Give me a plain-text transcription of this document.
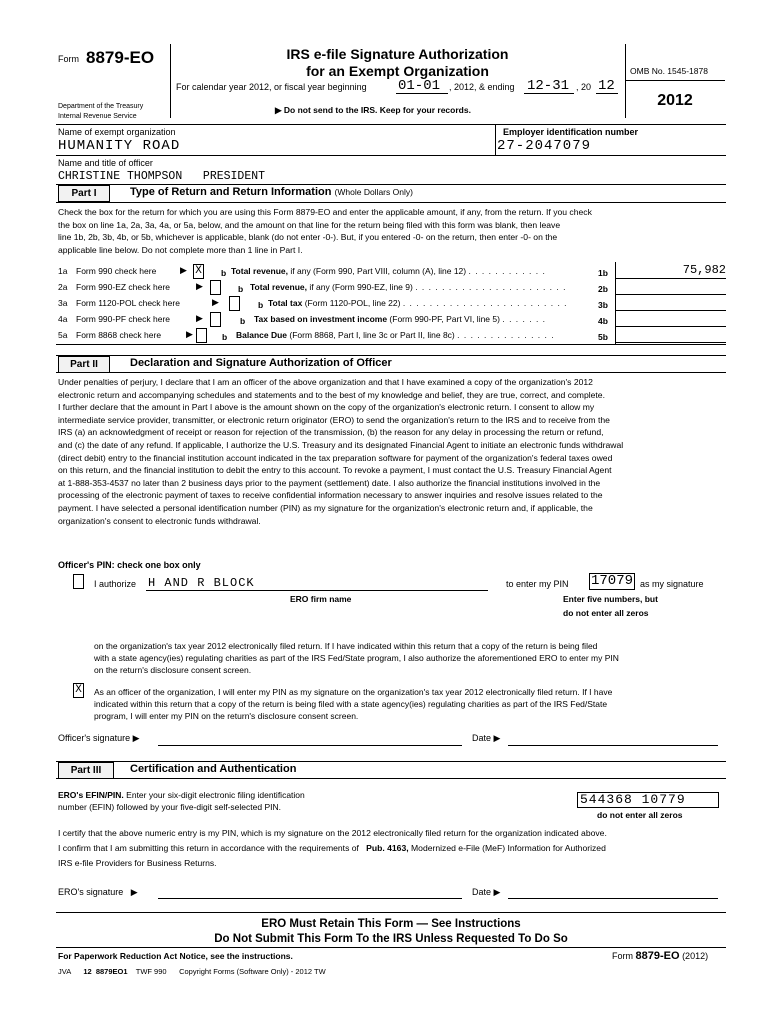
Form 8879-EO	IRS e-file Signature Authorization
for an Exempt Organization
For calendar year 2012, or fiscal year beginning 01-01 , 2012, & ending 12-31 , 20 12
Department of the Treasury
Internal Revenue Service
▶ Do not send to the IRS. Keep for your records.
OMB No. 1545-1878
2012
Name of exempt organization
HUMANITY ROAD
Employer identification number
27-2047079
Name and title of officer
CHRISTINE THOMPSON   PRESIDENT
Part I	Type of Return and Return Information (Whole Dollars Only)
Check the box for the return for which you are using this Form 8879-EO and enter the applicable amount, if any, from the return. If you check
the box on line 1a, 2a, 3a, 4a, or 5a, below, and the amount on that line for the return being filed with this form was blank, then leave
line 1b, 2b, 3b, 4b, or 5b, whichever is applicable, blank (do not enter -0-). But, if you entered -0- on the return, then enter -0- on the
applicable line below. Do not complete more than 1 line in Part I.
1a Form 990 check here	▶ X b Total revenue, if any (Form 990, Part VIII, column (A), line 12) . . . . . . . . . . . .	1b	75,982
2a Form 990-EZ check here	▶	b Total revenue, if any (Form 990-EZ, line 9) . . . . . . . . . . . . . . . . . . . . . . .	2b
3a Form 1120-POL check here	▶	b Total tax (Form 1120-POL, line 22) . . . . . . . . . . . . . . . . . . . . . . . . .	3b
4a Form 990-PF check here	▶	b Tax based on investment income (Form 990-PF, Part VI, line 5) . . . . . . .	4b
5a Form 8868 check here	▶	b Balance Due (Form 8868, Part I, line 3c or Part II, line 8c) . . . . . . . . . . . . . . .	5b
Part II	Declaration and Signature Authorization of Officer
Under penalties of perjury, I declare that I am an officer of the above organization and that I have examined a copy of the organization's 2012
electronic return and accompanying schedules and statements and to the best of my knowledge and belief, they are true, correct, and complete.
I further declare that the amount in Part I above is the amount shown on the copy of the organization's electronic return. I consent to allow my
intermediate service provider, transmitter, or electronic return originator (ERO) to send the organization's return to the IRS and to receive from the
IRS (a) an acknowledgment of receipt or reason for rejection of the transmission, (b) the reason for any delay in processing the return or refund,
and (c) the date of any refund. If applicable, I authorize the U.S. Treasury and its designated Financial Agent to initiate an electronic funds withdrawal
(direct debit) entry to the financial institution account indicated in the tax preparation software for payment of the organization's federal taxes owed
on this return, and the financial institution to debit the entry to this account. To revoke a payment, I must contact the U.S. Treasury Financial Agent
at 1-888-353-4537 no later than 2 business days prior to the payment (settlement) date. I also authorize the financial institutions involved in the
processing of the electronic payment of taxes to receive confidential information necessary to answer inquiries and resolve issues related to the
payment. I have selected a personal identification number (PIN) as my signature for the organization's electronic return and, if applicable, the
organization's consent to electronic funds withdrawal.
Officer's PIN: check one box only
I authorize H AND R BLOCK
ERO firm name
to enter my PIN 17079 as my signature
Enter five numbers, but
do not enter all zeros
on the organization's tax year 2012 electronically filed return. If I have indicated within this return that a copy of the return is being filed
with a state agency(ies) regulating charities as part of the IRS Fed/State program, I also authorize the aforementioned ERO to enter my PIN
on the return's disclosure consent screen.
X As an officer of the organization, I will enter my PIN as my signature on the organization's tax year 2012 electronically filed return. If I have
indicated within this return that a copy of the return is being filed with a state agency(ies) regulating charities as part of the IRS Fed/State
program, I will enter my PIN on the return's disclosure consent screen.
Officer's signature ▶	Date ▶
Part III	Certification and Authentication
ERO's EFIN/PIN. Enter your six-digit electronic filing identification
number (EFIN) followed by your five-digit self-selected PIN.	544368 10779
do not enter all zeros
I certify that the above numeric entry is my PIN, which is my signature on the 2012 electronically filed return for the organization indicated above.
I confirm that I am submitting this return in accordance with the requirements of Pub. 4163, Modernized e-File (MeF) Information for Authorized
IRS e-file Providers for Business Returns.
ERO's signature ▶	Date ▶
ERO Must Retain This Form — See Instructions
Do Not Submit This Form To the IRS Unless Requested To Do So
For Paperwork Reduction Act Notice, see the instructions.	Form 8879-EO (2012)
JVA 12 8879EO1 TWF 990 Copyright Forms (Software Only) - 2012 TW
